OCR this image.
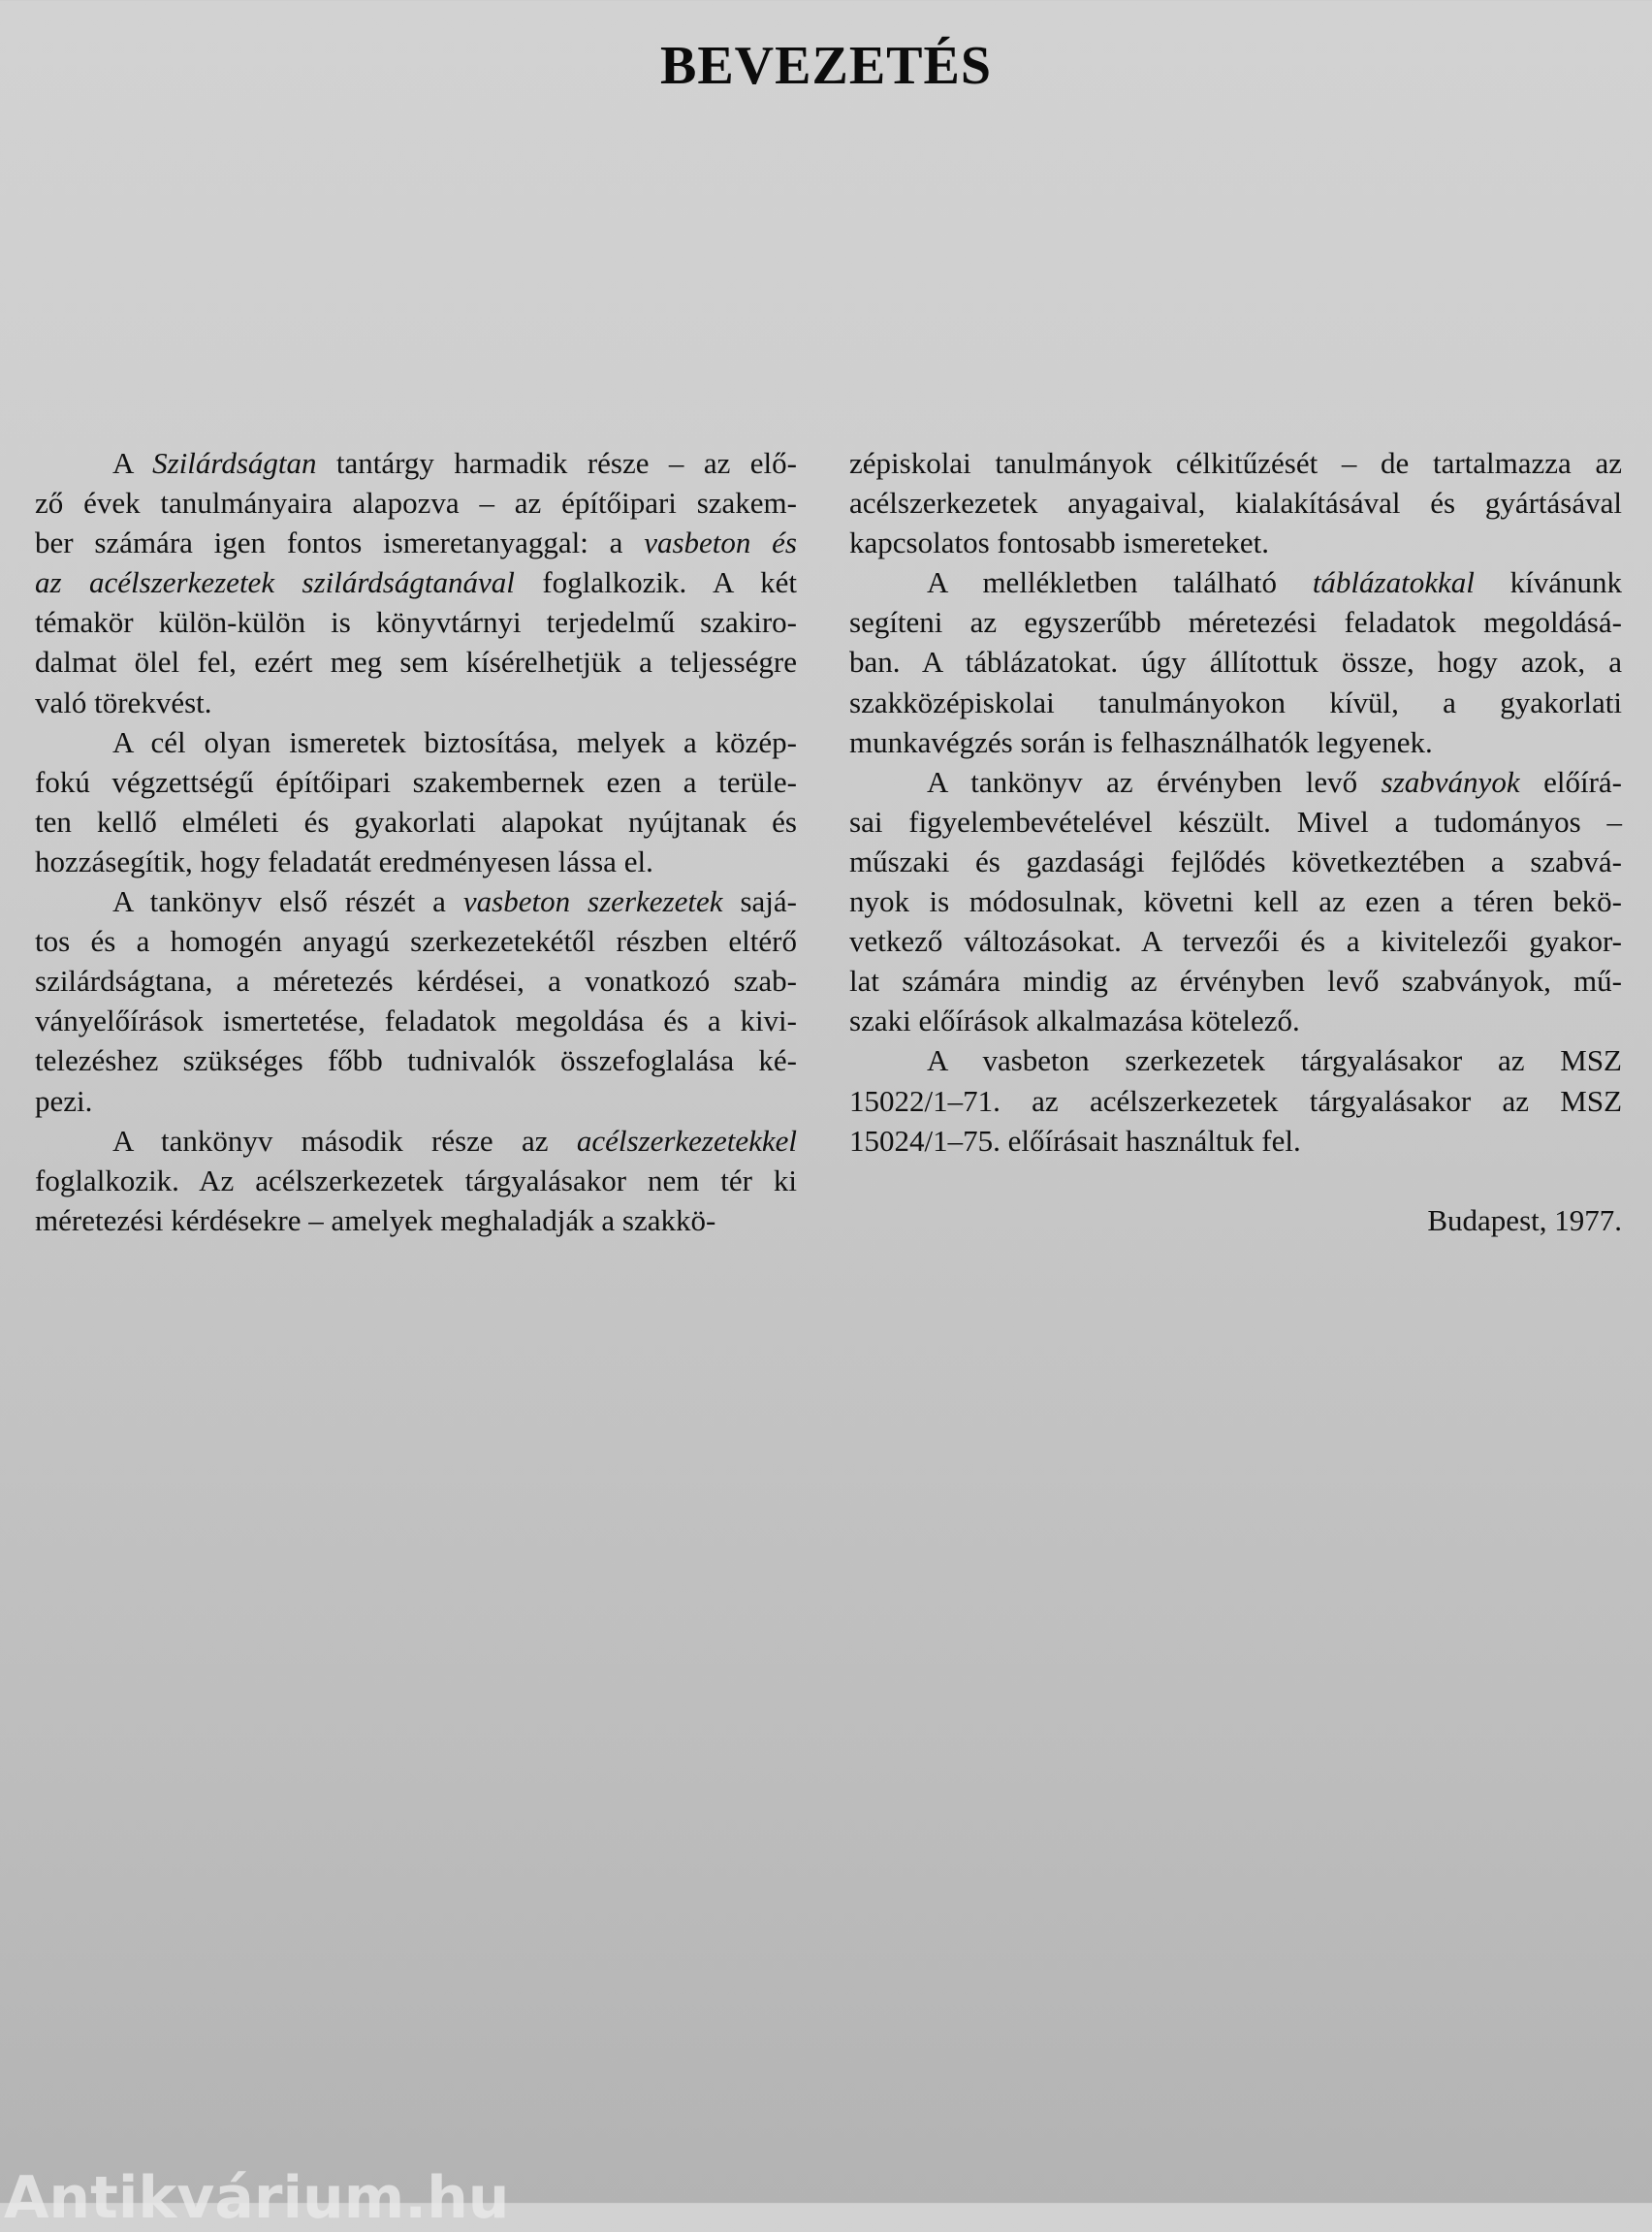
BEVEZETÉS
A Szilárdságtan tantárgy harmadik része – az elő-
ző évek tanulmányaira alapozva – az építőipari szakem-
ber számára igen fontos ismeretanyaggal: a vasbeton és
az acélszerkezetek szilárdságtanával foglalkozik. A két
témakör külön-külön is könyvtárnyi terjedelmű szakiro-
dalmat ölel fel, ezért meg sem kísérelhetjük a teljességre
való törekvést.
A cél olyan ismeretek biztosítása, melyek a közép-
fokú végzettségű építőipari szakembernek ezen a terüle-
ten kellő elméleti és gyakorlati alapokat nyújtanak és
hozzásegítik, hogy feladatát eredményesen lássa el.
A tankönyv első részét a vasbeton szerkezetek sajá-
tos és a homogén anyagú szerkezetekétől részben eltérő
szilárdságtana, a méretezés kérdései, a vonatkozó szab-
ványelőírások ismertetése, feladatok megoldása és a kivi-
telezéshez szükséges főbb tudnivalók összefoglalása ké-
pezi.
A tankönyv második része az acélszerkezetekkel
foglalkozik. Az acélszerkezetek tárgyalásakor nem tér ki
méretezési kérdésekre – amelyek meghaladják a szakkö-
zépiskolai tanulmányok célkitűzését – de tartalmazza az
acélszerkezetek anyagaival, kialakításával és gyártásával
kapcsolatos fontosabb ismereteket.
A mellékletben található táblázatokkal kívánunk
segíteni az egyszerűbb méretezési feladatok megoldásá-
ban. A táblázatokat. úgy állítottuk össze, hogy azok, a
szakközépiskolai tanulmányokon kívül, a gyakorlati
munkavégzés során is felhasználhatók legyenek.
A tankönyv az érvényben levő szabványok előírá-
sai figyelembevételével készült. Mivel a tudományos –
műszaki és gazdasági fejlődés következtében a szabvá-
nyok is módosulnak, követni kell az ezen a téren bekö-
vetkező változásokat. A tervezői és a kivitelezői gyakor-
lat számára mindig az érvényben levő szabványok, mű-
szaki előírások alkalmazása kötelező.
A vasbeton szerkezetek tárgyalásakor az MSZ
15022/1–71. az acélszerkezetek tárgyalásakor az MSZ
15024/1–75. előírásait használtuk fel.
Budapest, 1977.
Antikvárium.hu
